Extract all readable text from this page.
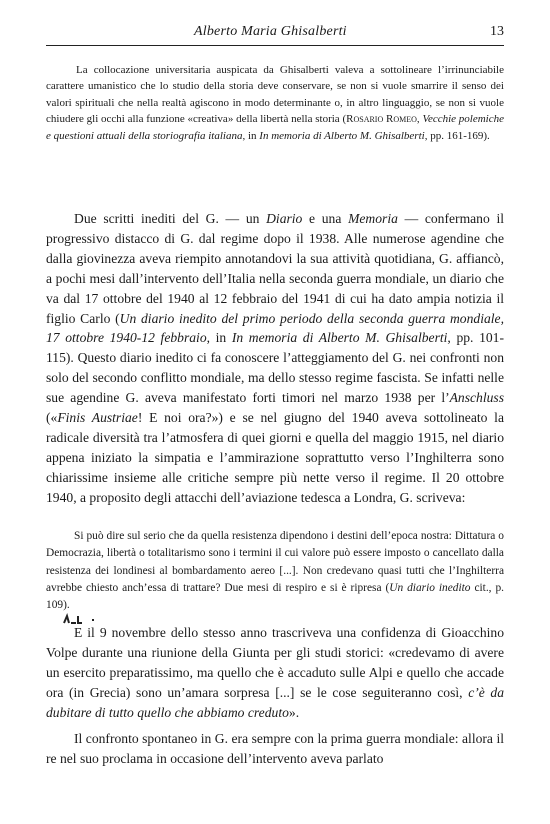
Alberto Maria Ghisalberti	13

La collocazione universitaria auspicata da Ghisalberti valeva a sottolineare l’irrinunciabile carattere umanistico che lo studio della storia deve conservare, se non si vuole smarrire il senso dei valori spirituali che nella realtà agiscono in modo determinante o, in altro linguaggio, se non si vuole chiudere gli occhi alla funzione «creativa» della libertà nella storia (Rosario Romeo, Vecchie polemiche e questioni attuali della storiografia italiana, in In memoria di Alberto M. Ghisalberti, pp. 161-169).

Due scritti inediti del G. — un Diario e una Memoria — confermano il progressivo distacco di G. dal regime dopo il 1938. Alle numerose agendine che dalla giovinezza aveva riempito annotandovi la sua attività quotidiana, G. affiancò, a pochi mesi dall’intervento dell’Italia nella seconda guerra mondiale, un diario che va dal 17 ottobre del 1940 al 12 febbraio del 1941 di cui ha dato ampia notizia il figlio Carlo (Un diario inedito del primo periodo della seconda guerra mondiale, 17 ottobre 1940-12 febbraio, in In memoria di Alberto M. Ghisalberti, pp. 101-115). Questo diario inedito ci fa conoscere l’atteggiamento del G. nei confronti non solo del secondo conflitto mondiale, ma dello stesso regime fascista. Se infatti nelle sue agendine G. aveva manifestato forti timori nel marzo 1938 per l’Anschluss («Finis Austriae! E noi ora?») e se nel giugno del 1940 aveva sottolineato la radicale diversità tra l’atmosfera di quei giorni e quella del maggio 1915, nel diario appena iniziato la simpatia e l’ammirazione soprattutto verso l’Inghilterra sono chiarissime insieme alle critiche sempre più nette verso il regime. Il 20 ottobre 1940, a proposito degli attacchi dell’aviazione tedesca a Londra, G. scriveva:

Si può dire sul serio che da quella resistenza dipendono i destini dell’epoca nostra: Dittatura o Democrazia, libertà o totalitarismo sono i termini il cui valore può essere imposto o cancellato dalla resistenza dei londinesi al bombardamento aereo [...]. Non credevano quasi tutti che l’Inghilterra avrebbe chiesto anch’essa di trattare? Due mesi di respiro e si è ripresa (Un diario inedito cit., p. 109).

E il 9 novembre dello stesso anno trascriveva una confidenza di Gioacchino Volpe durante una riunione della Giunta per gli studi storici: «credevamo di avere un esercito preparatissimo, ma quello che è accaduto sulle Alpi e quello che accade ora (in Grecia) sono un’amara sorpresa [...] se le cose seguiteranno così, c’è da dubitare di tutto quello che abbiamo creduto».

Il confronto spontaneo in G. era sempre con la prima guerra mondiale: allora il re nel suo proclama in occasione dell’intervento aveva parlato
